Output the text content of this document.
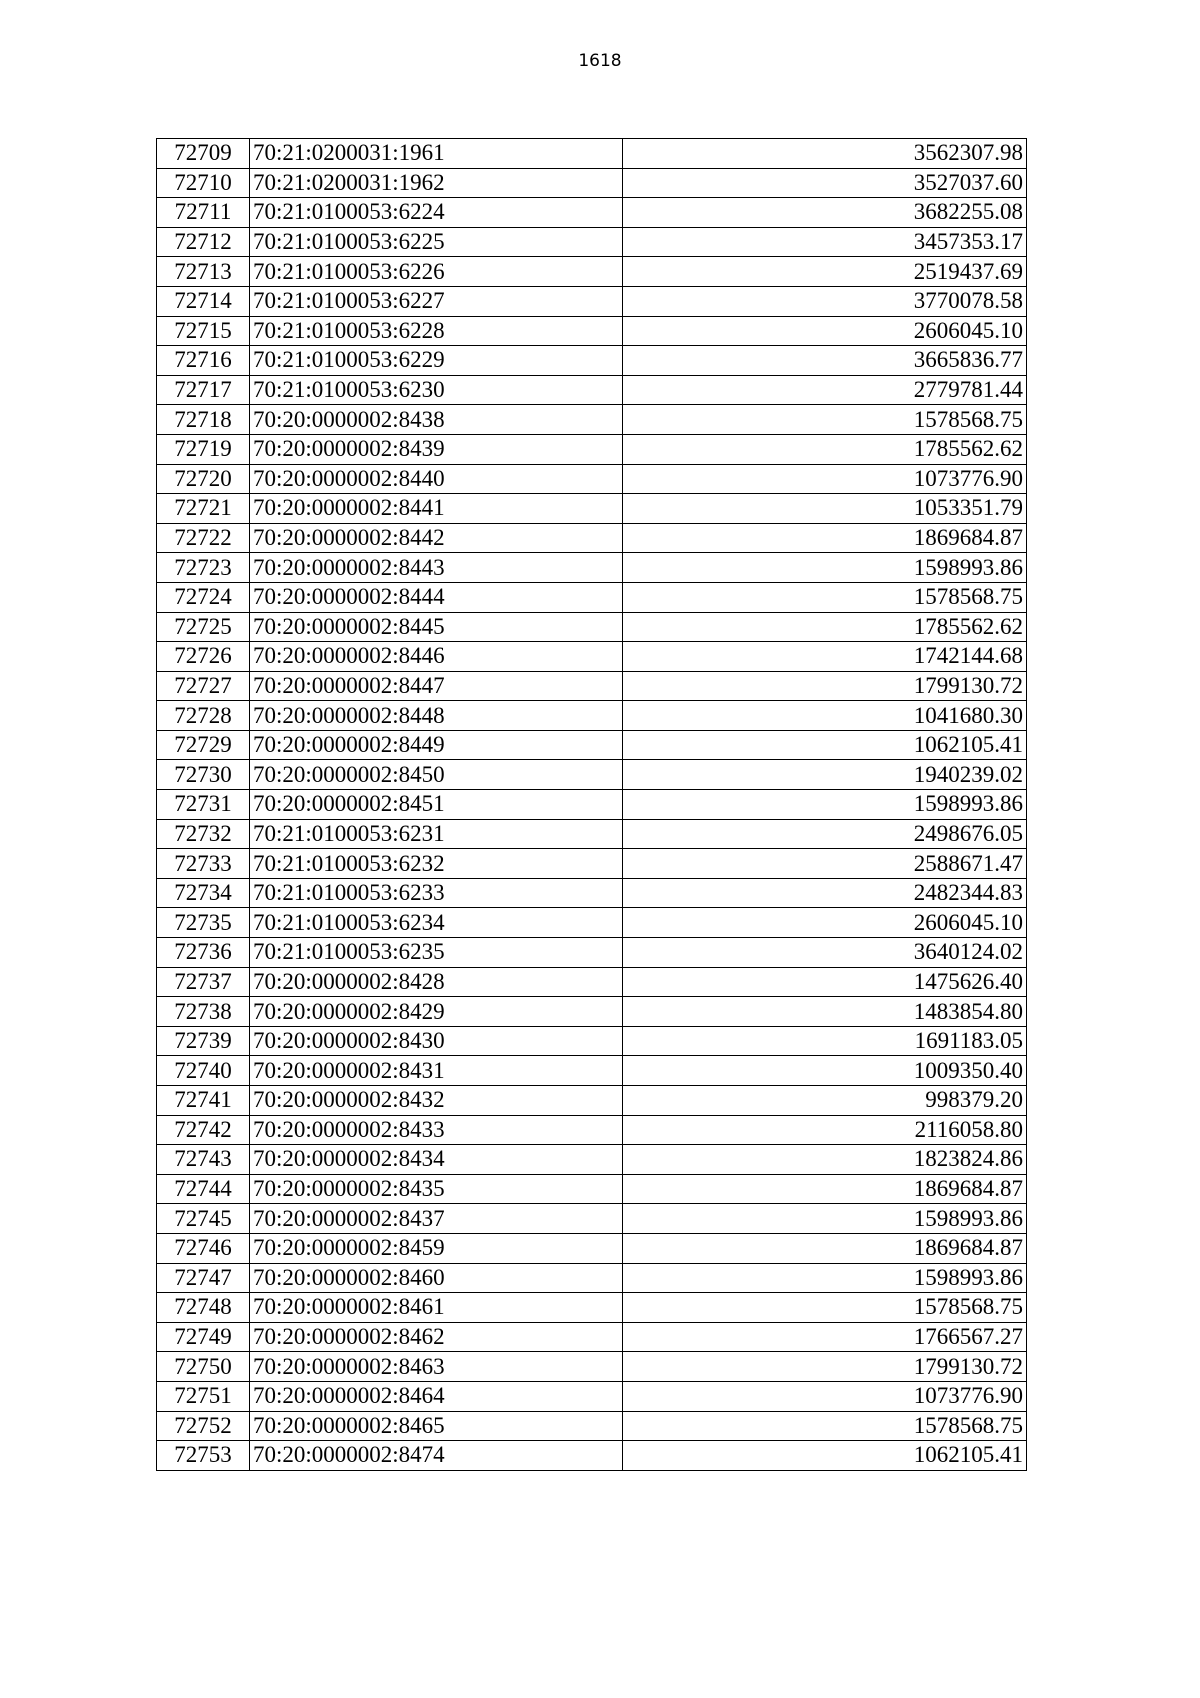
1618
72709	70:21:0200031:1961	3562307.98
72710	70:21:0200031:1962	3527037.60
72711	70:21:0100053:6224	3682255.08
72712	70:21:0100053:6225	3457353.17
72713	70:21:0100053:6226	2519437.69
72714	70:21:0100053:6227	3770078.58
72715	70:21:0100053:6228	2606045.10
72716	70:21:0100053:6229	3665836.77
72717	70:21:0100053:6230	2779781.44
72718	70:20:0000002:8438	1578568.75
72719	70:20:0000002:8439	1785562.62
72720	70:20:0000002:8440	1073776.90
72721	70:20:0000002:8441	1053351.79
72722	70:20:0000002:8442	1869684.87
72723	70:20:0000002:8443	1598993.86
72724	70:20:0000002:8444	1578568.75
72725	70:20:0000002:8445	1785562.62
72726	70:20:0000002:8446	1742144.68
72727	70:20:0000002:8447	1799130.72
72728	70:20:0000002:8448	1041680.30
72729	70:20:0000002:8449	1062105.41
72730	70:20:0000002:8450	1940239.02
72731	70:20:0000002:8451	1598993.86
72732	70:21:0100053:6231	2498676.05
72733	70:21:0100053:6232	2588671.47
72734	70:21:0100053:6233	2482344.83
72735	70:21:0100053:6234	2606045.10
72736	70:21:0100053:6235	3640124.02
72737	70:20:0000002:8428	1475626.40
72738	70:20:0000002:8429	1483854.80
72739	70:20:0000002:8430	1691183.05
72740	70:20:0000002:8431	1009350.40
72741	70:20:0000002:8432	998379.20
72742	70:20:0000002:8433	2116058.80
72743	70:20:0000002:8434	1823824.86
72744	70:20:0000002:8435	1869684.87
72745	70:20:0000002:8437	1598993.86
72746	70:20:0000002:8459	1869684.87
72747	70:20:0000002:8460	1598993.86
72748	70:20:0000002:8461	1578568.75
72749	70:20:0000002:8462	1766567.27
72750	70:20:0000002:8463	1799130.72
72751	70:20:0000002:8464	1073776.90
72752	70:20:0000002:8465	1578568.75
72753	70:20:0000002:8474	1062105.41
